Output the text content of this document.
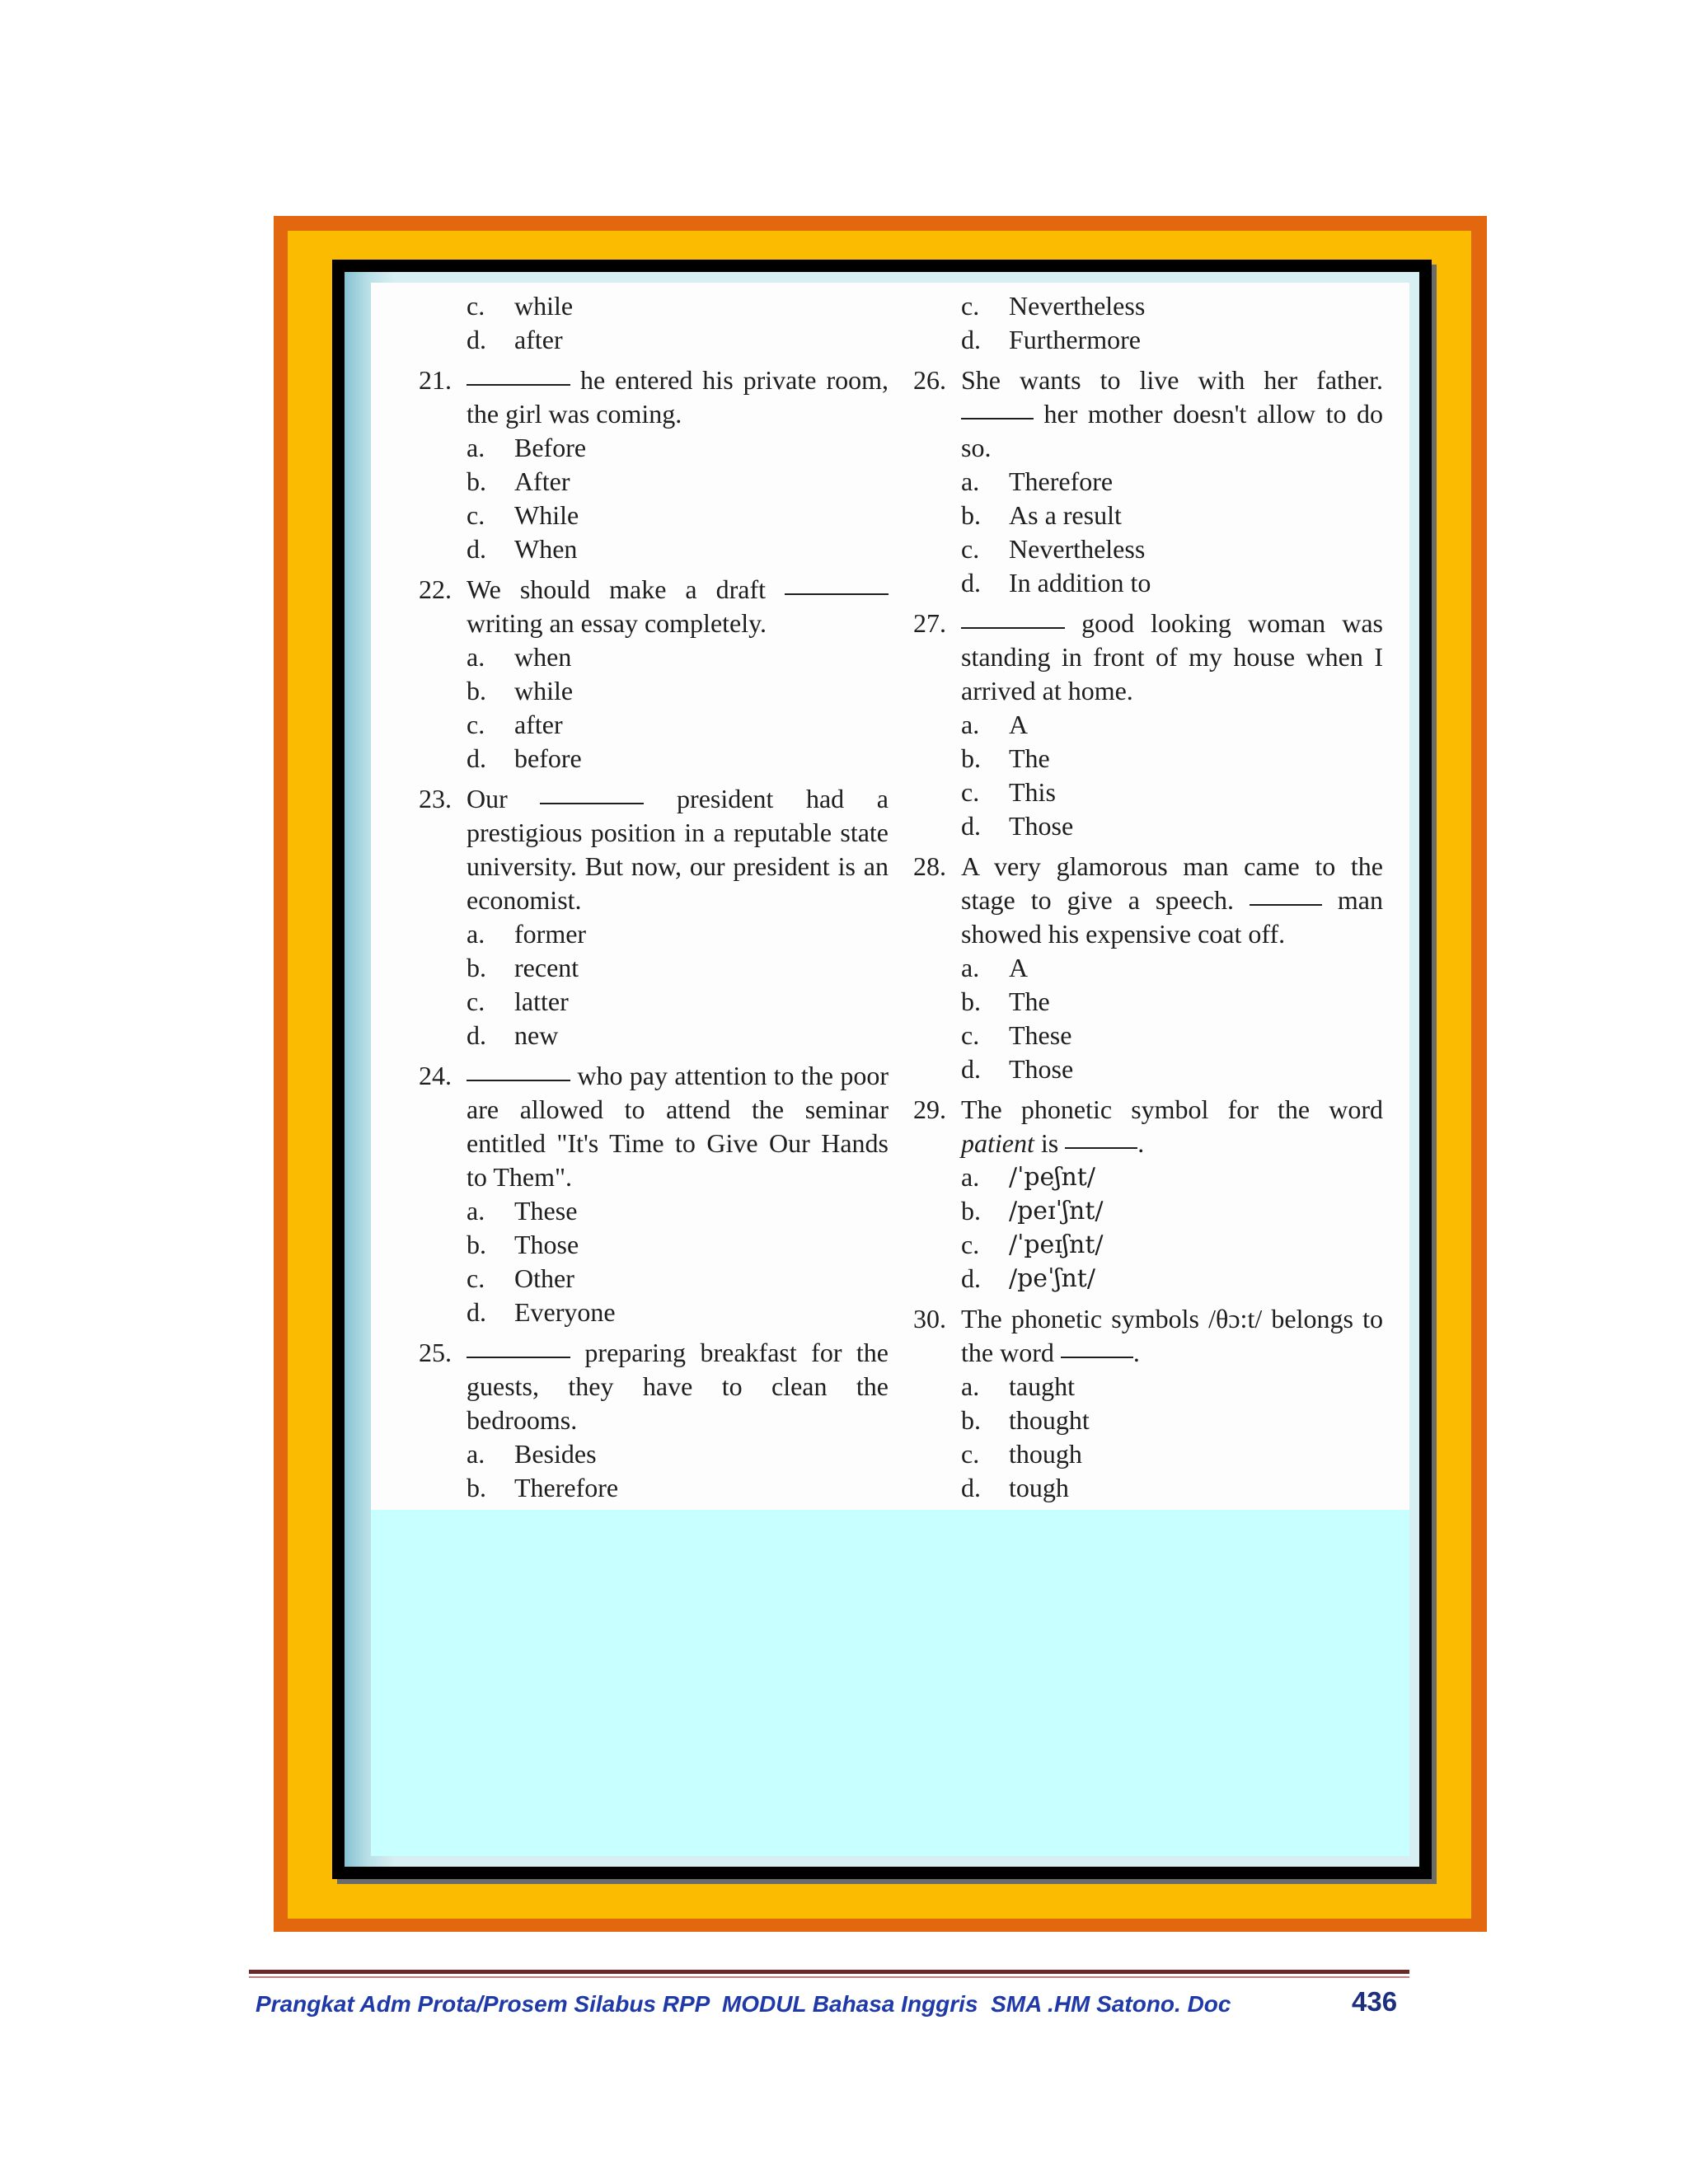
c.	while
d.	after
21.	he entered his private room, the girl was coming.
a.	Before
b.	After
c.	While
d.	When
22. We should make a draft  writing an essay completely.
a.	when
b.	while
c.	after
d.	before
23. Our	president had a prestigious position in a reputable state university. But now, our president is an economist.
a.	former
b.	recent
c.	latter
d.	new
24.	who pay attention to the poor are allowed to attend the seminar entitled "It's Time to Give Our Hands to Them".
a.	These
b.	Those
c.	Other
d.	Everyone
25.	preparing breakfast for the guests, they have to clean the bedrooms.
a.	Besides
b.	Therefore
c.	Nevertheless
d.	Furthermore
26. She wants to live with her father.  her mother doesn't allow to do so.
a.	Therefore
b.	As a result
c.	Nevertheless
d.	In addition to
27.	good looking woman was standing in front of my house when I arrived at home.
a.	A
b.	The
c.	This
d.	Those
28. A very glamorous man came to the stage to give a speech.	man showed his expensive coat off.
a.	A
b.	The
c.	These
d.	Those
29. The phonetic symbol for the word patient is	.
a.	/ˈpeʃnt/
b.	/peɪˈʃnt/
c.	/ˈpeɪʃnt/
d.	/peˈʃnt/
30. The phonetic symbols /θɔ:t/ belongs to the word	.
a.	taught
b.	thought
c.	though
d.	tough
Prangkat Adm Prota/Prosem Silabus RPP  MODUL Bahasa Inggris  SMA .HM Satono. Doc	436
